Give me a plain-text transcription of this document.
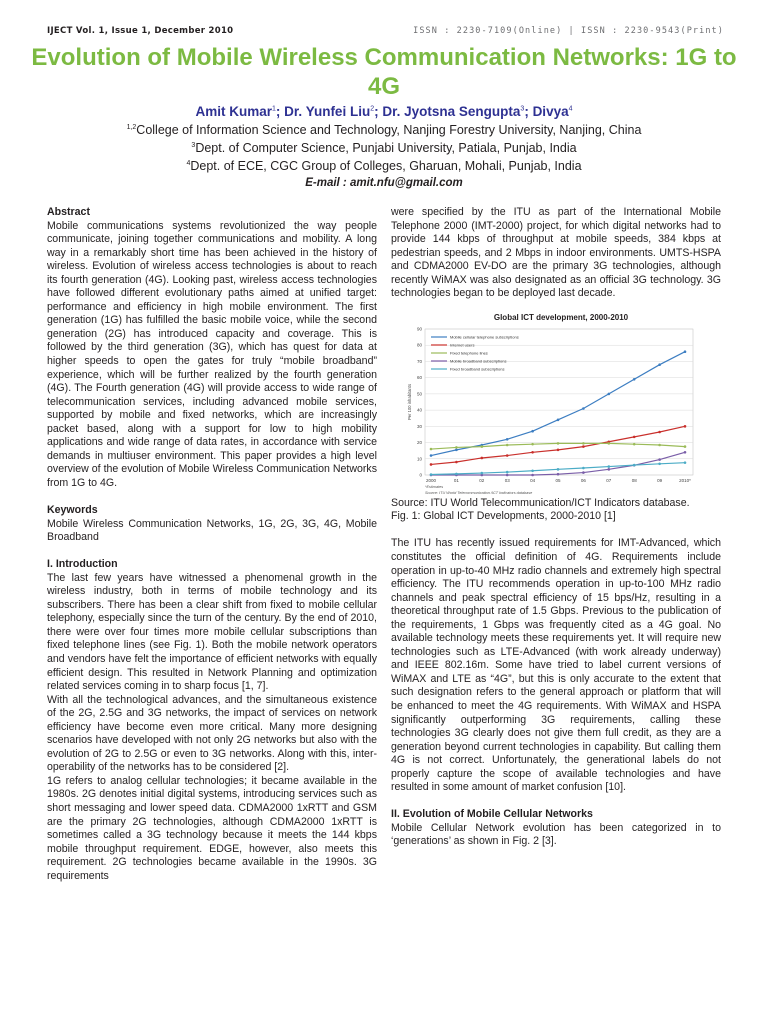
IJECT Vol. 1, Issue 1, December 2010	ISSN : 2230-7109(Online) | ISSN : 2230-9543(Print)
Evolution of Mobile Wireless Communication Networks: 1G to 4G
Amit Kumar$^1$; Dr. Yunfei Liu$^2$; Dr. Jyotsna Sengupta$^3$; Divya$^4$
$^{1,2}$College of Information Science and Technology, Nanjing Forestry University, Nanjing, China
$^3$Dept. of Computer Science, Punjabi University, Patiala, Punjab, India
$^4$Dept. of ECE, CGC Group of Colleges, Gharuan, Mohali, Punjab, India
E-mail : amit.nfu@gmail.com

Abstract

Mobile communications systems revolutionized the way people communicate, joining together communications and mobility. A long way in a remarkably short time has been achieved in the history of wireless. Evolution of wireless access technologies is about to reach its fourth generation (4G). Looking past, wireless access technologies have followed different evolutionary paths aimed at unified target: performance and efficiency in high mobile environment. The first generation (1G) has fulfilled the basic mobile voice, while the second generation (2G) has introduced capacity and coverage. This is followed by the third generation (3G), which has quest for data at higher speeds to open the gates for truly “mobile broadband” experience, which will be further realized by the fourth generation (4G). The Fourth generation (4G) will provide access to wide range of telecommunication services, including advanced mobile services, supported by mobile and fixed networks, which are increasingly packet based, along with a support for low to high mobility applications and wide range of data rates, in accordance with service demands in multiuser environment. This paper provides a high level overview of the evolution of Mobile Wireless Communication Networks from 1G to 4G.

Keywords

Mobile Wireless Communication Networks, 1G, 2G, 3G, 4G, Mobile Broadband

I. Introduction

The last few years have witnessed a phenomenal growth in the wireless industry, both in terms of mobile technology and its subscribers. There has been a clear shift from fixed to mobile cellular telephony, especially since the turn of the century. By the end of 2010, there were over four times more mobile cellular subscriptions than fixed telephone lines (see Fig. 1). Both the mobile network operators and vendors have felt the importance of efficient networks with equally efficient design. This resulted in Network Planning and optimization related services coming in to sharp focus [1, 7].

With all the technological advances, and the simultaneous existence of the 2G, 2.5G and 3G networks, the impact of services on network efficiency have become even more critical. Many more designing scenarios have developed with not only 2G networks but also with the evolution of 2G to 2.5G or even to 3G networks. Along with this, inter-operability of the networks has to be considered [2].

1G refers to analog cellular technologies; it became available in the 1980s. 2G denotes initial digital systems, introducing services such as short messaging and lower speed data. CDMA2000 1xRTT and GSM are the primary 2G technologies, although CDMA2000 1xRTT is sometimes called a 3G technology because it meets the 144 kbps mobile throughput requirement. EDGE, however, also meets this requirement. 2G technologies became available in the 1990s. 3G requirements

were specified by the ITU as part of the International Mobile Telephone 2000 (IMT-2000) project, for which digital networks had to provide 144 kbps of throughput at mobile speeds, 384 kbps at pedestrian speeds, and 2 Mbps in indoor environments. UMTS-HSPA and CDMA2000 EV-DO are the primary 3G technologies, although recently WiMAX was also designated as an official 3G technology. 3G technologies began to be deployed last decade.

Global ICT development, 2000-2010
0
10
20
30
40
50
60
70
80
90
2000	01	02	03	04	05	06	07	08	09	2010*
Per 100 inhabitants
Mobile cellular telephone subscriptions
Internet users
Fixed telephone lines
Mobile broadband subscriptions
Fixed broadband subscriptions
*Estimates
Source: ITU World Telecommunication /ICT Indicators database

Source: ITU World Telecommunication/ICT Indicators database.

Fig. 1: Global ICT Developments, 2000-2010 [1]

The ITU has recently issued requirements for IMT-Advanced, which constitutes the official definition of 4G. Requirements include operation in up-to-40 MHz radio channels and extremely high spectral efficiency. The ITU recommends operation in up-to-100 MHz radio channels and peak spectral efficiency of 15 bps/Hz, resulting in a theoretical throughput rate of 1.5 Gbps. Previous to the publication of the requirements, 1 Gbps was frequently cited as a 4G goal. No available technology meets these requirements yet. It will require new technologies such as LTE-Advanced (with work already underway) and IEEE 802.16m. Some have tried to label current versions of WiMAX and LTE as “4G”, but this is only accurate to the extent that such designation refers to the general approach or platform that will be enhanced to meet the 4G requirements. With WiMAX and HSPA significantly outperforming 3G requirements, calling these technologies 3G clearly does not give them full credit, as they are a generation beyond current technologies in capability. But calling them 4G is not correct. Unfortunately, the generational labels do not properly capture the scope of available technologies and have resulted in some amount of market confusion [10].

II. Evolution of Mobile Cellular Networks

Mobile Cellular Network evolution has been categorized in to ‘generations’ as shown in Fig. 2 [3].
